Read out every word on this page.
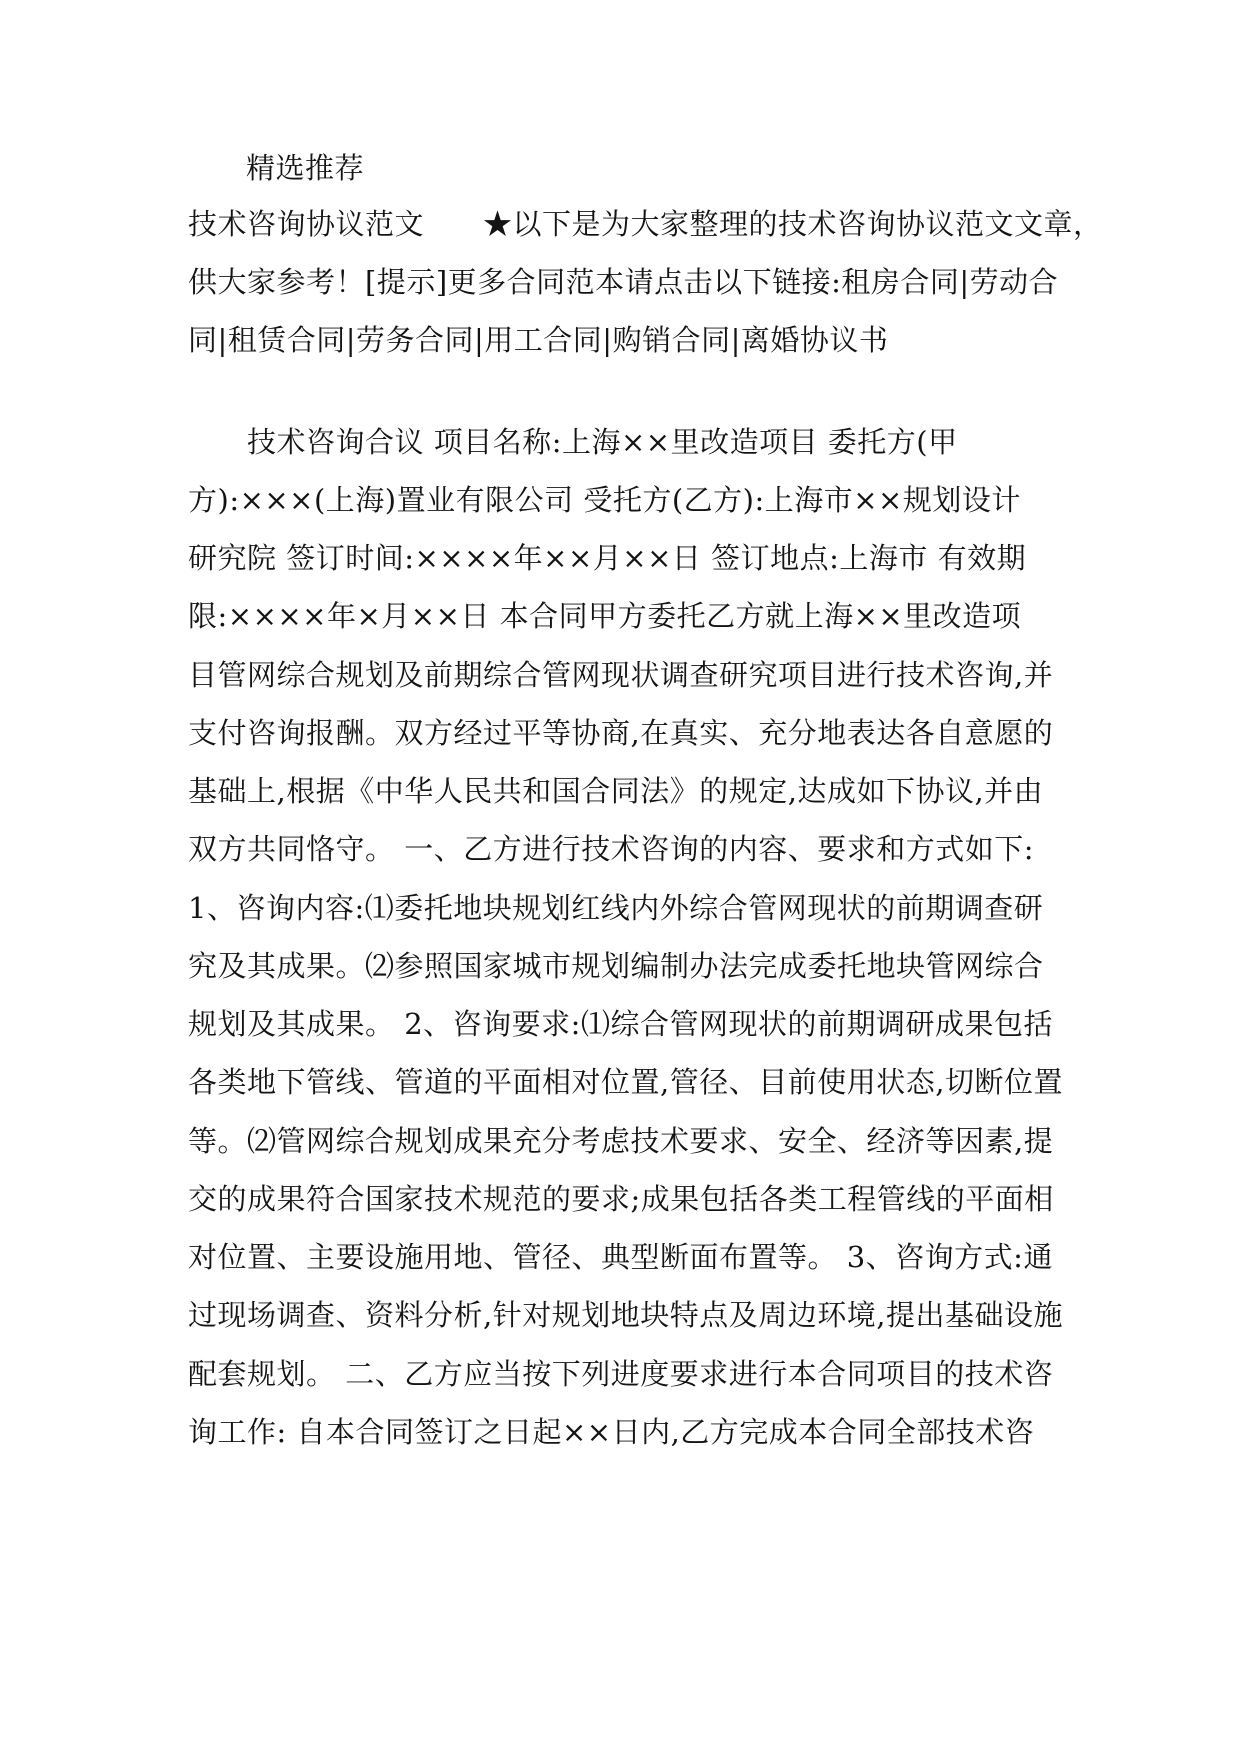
精选推荐
技术咨询协议范文　　★以下是为大家整理的技术咨询协议范文文章，
供大家参考！[提示]更多合同范本请点击以下链接:租房合同|劳动合
同|租赁合同|劳务合同|用工合同|购销合同|离婚协议书
　　技术咨询合议 项目名称:上海××里改造项目 委托方(甲
方):×××(上海)置业有限公司 受托方(乙方):上海市××规划设计
研究院 签订时间:××××年××月××日 签订地点:上海市 有效期
限:××××年×月××日 本合同甲方委托乙方就上海××里改造项
目管网综合规划及前期综合管网现状调查研究项目进行技术咨询,并
支付咨询报酬。双方经过平等协商,在真实、充分地表达各自意愿的
基础上,根据《中华人民共和国合同法》的规定,达成如下协议,并由
双方共同恪守。 一、乙方进行技术咨询的内容、要求和方式如下:
1、咨询内容:⑴委托地块规划红线内外综合管网现状的前期调查研
究及其成果。⑵参照国家城市规划编制办法完成委托地块管网综合
规划及其成果。 2、咨询要求:⑴综合管网现状的前期调研成果包括
各类地下管线、管道的平面相对位置,管径、目前使用状态,切断位置
等。⑵管网综合规划成果充分考虑技术要求、安全、经济等因素,提
交的成果符合国家技术规范的要求;成果包括各类工程管线的平面相
对位置、主要设施用地、管径、典型断面布置等。 3、咨询方式:通
过现场调查、资料分析,针对规划地块特点及周边环境,提出基础设施
配套规划。 二、乙方应当按下列进度要求进行本合同项目的技术咨
询工作: 自本合同签订之日起××日内,乙方完成本合同全部技术咨
